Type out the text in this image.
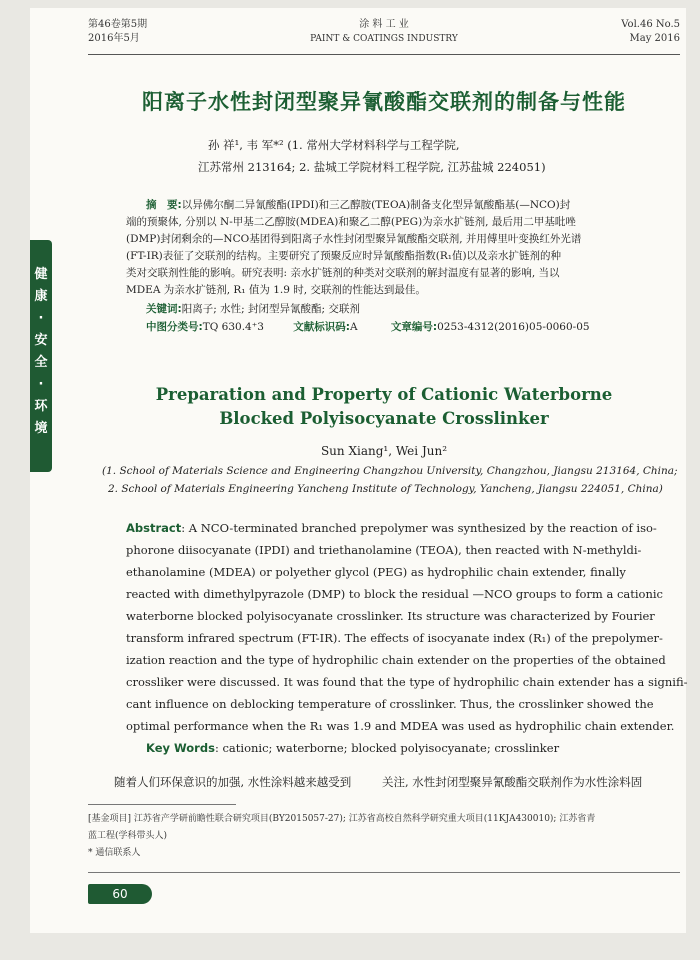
第46卷第5期
2016年5月
涂 料 工 业
PAINT & COATINGS INDUSTRY
Vol.46 No.5
May 2016
健
康
·
安
全
·
环
境
阳离子水性封闭型聚异氰酸酯交联剂的制备与性能
孙 祥¹, 韦 军*² (1. 常州大学材料科学与工程学院,
江苏常州 213164; 2. 盐城工学院材料工程学院, 江苏盐城 224051)
摘　要:以异佛尔酮二异氰酸酯(IPDI)和三乙醇胺(TEOA)制备支化型异氰酸酯基(—NCO)封
端的预聚体, 分别以 N-甲基二乙醇胺(MDEA)和聚乙二醇(PEG)为亲水扩链剂, 最后用二甲基吡唑
(DMP)封闭剩余的—NCO基团得到阳离子水性封闭型聚异氰酸酯交联剂, 并用傅里叶变换红外光谱
(FT-IR)表征了交联剂的结构。主要研究了预聚反应时异氰酸酯指数(R₁值)以及亲水扩链剂的种
类对交联剂性能的影响。研究表明: 亲水扩链剂的种类对交联剂的解封温度有显著的影响, 当以
MDEA 为亲水扩链剂, R₁ 值为 1.9 时, 交联剂的性能达到最佳。
关键词:阳离子; 水性; 封闭型异氰酸酯; 交联剂
中图分类号:TQ 630.4⁺3	文献标识码:A	文章编号:0253-4312(2016)05-0060-05
Preparation and Property of Cationic Waterborne
Blocked Polyisocyanate Crosslinker
Sun Xiang¹, Wei Jun²
(1. School of Materials Science and Engineering Changzhou University, Changzhou, Jiangsu 213164, China;
2. School of Materials Engineering Yancheng Institute of Technology, Yancheng, Jiangsu 224051, China)
Abstract: A NCO-terminated branched prepolymer was synthesized by the reaction of iso-
phorone diisocyanate (IPDI) and triethanolamine (TEOA), then reacted with N-methyldi-
ethanolamine (MDEA) or polyether glycol (PEG) as hydrophilic chain extender, finally
reacted with dimethylpyrazole (DMP) to block the residual —NCO groups to form a cationic
waterborne blocked polyisocyanate crosslinker. Its structure was characterized by Fourier
transform infrared spectrum (FT-IR). The effects of isocyanate index (R₁) of the prepolymer-
ization reaction and the type of hydrophilic chain extender on the properties of the obtained
crossliker were discussed. It was found that the type of hydrophilic chain extender has a signifi-
cant influence on deblocking temperature of crosslinker. Thus, the crosslinker showed the
optimal performance when the R₁ was 1.9 and MDEA was used as hydrophilic chain extender.
Key Words: cationic; waterborne; blocked polyisocyanate; crosslinker
随着人们环保意识的加强, 水性涂料越来越受到	关注, 水性封闭型聚异氰酸酯交联剂作为水性涂料固
[基金项目] 江苏省产学研前瞻性联合研究项目(BY2015057-27); 江苏省高校自然科学研究重大项目(11KJA430010); 江苏省青
蓝工程(学科带头人)
* 通信联系人
60
